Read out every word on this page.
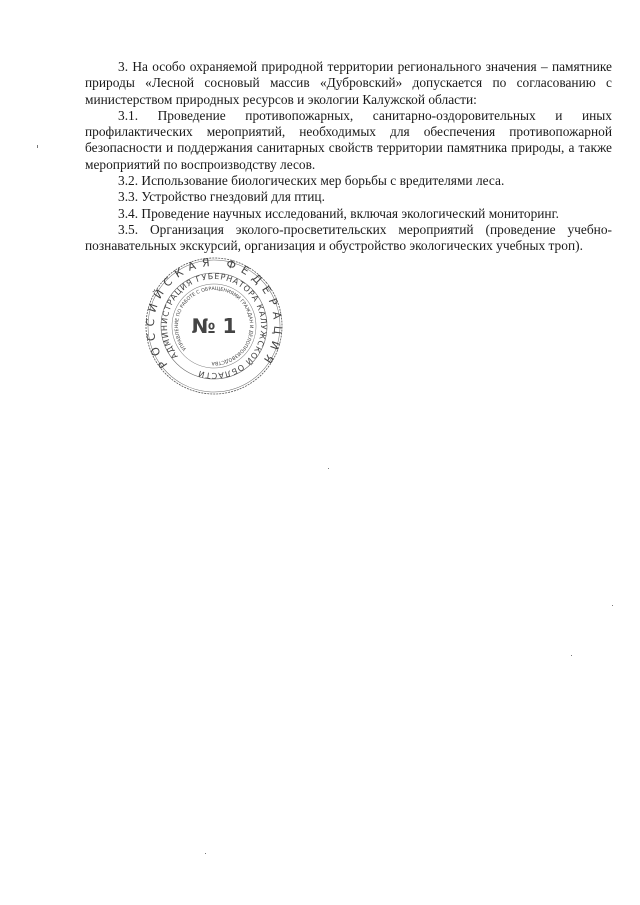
3. На особо охраняемой природной территории регионального значения – памятнике
природы «Лесной сосновый массив «Дубровский» допускается по согласованию с
министерством природных ресурсов и экологии Калужской области:
3.1. Проведение противопожарных, санитарно-оздоровительных и иных
профилактических мероприятий, необходимых для обеспечения противопожарной
безопасности и поддержания санитарных свойств территории памятника природы, а также
мероприятий по воспроизводству лесов.
3.2. Использование биологических мер борьбы с вредителями леса.
3.3. Устройство гнездовий для птиц.
3.4. Проведение научных исследований, включая экологический мониторинг.
3.5. Организация эколого-просветительских мероприятий (проведение учебно-
познавательных экскурсий, организация и обустройство экологических учебных троп).
РОССИЙСКАЯ ФЕДЕРАЦИЯ
АДМИНИСТРАЦИЯ ГУБЕРНАТОРА КАЛУЖСКОЙ ОБЛАСТИ
УПРАВЛЕНИЕ ПО РАБОТЕ С ОБРАЩЕНИЯМИ ГРАЖДАН И ДЕЛОПРОИЗВОДСТВА
№ 1
